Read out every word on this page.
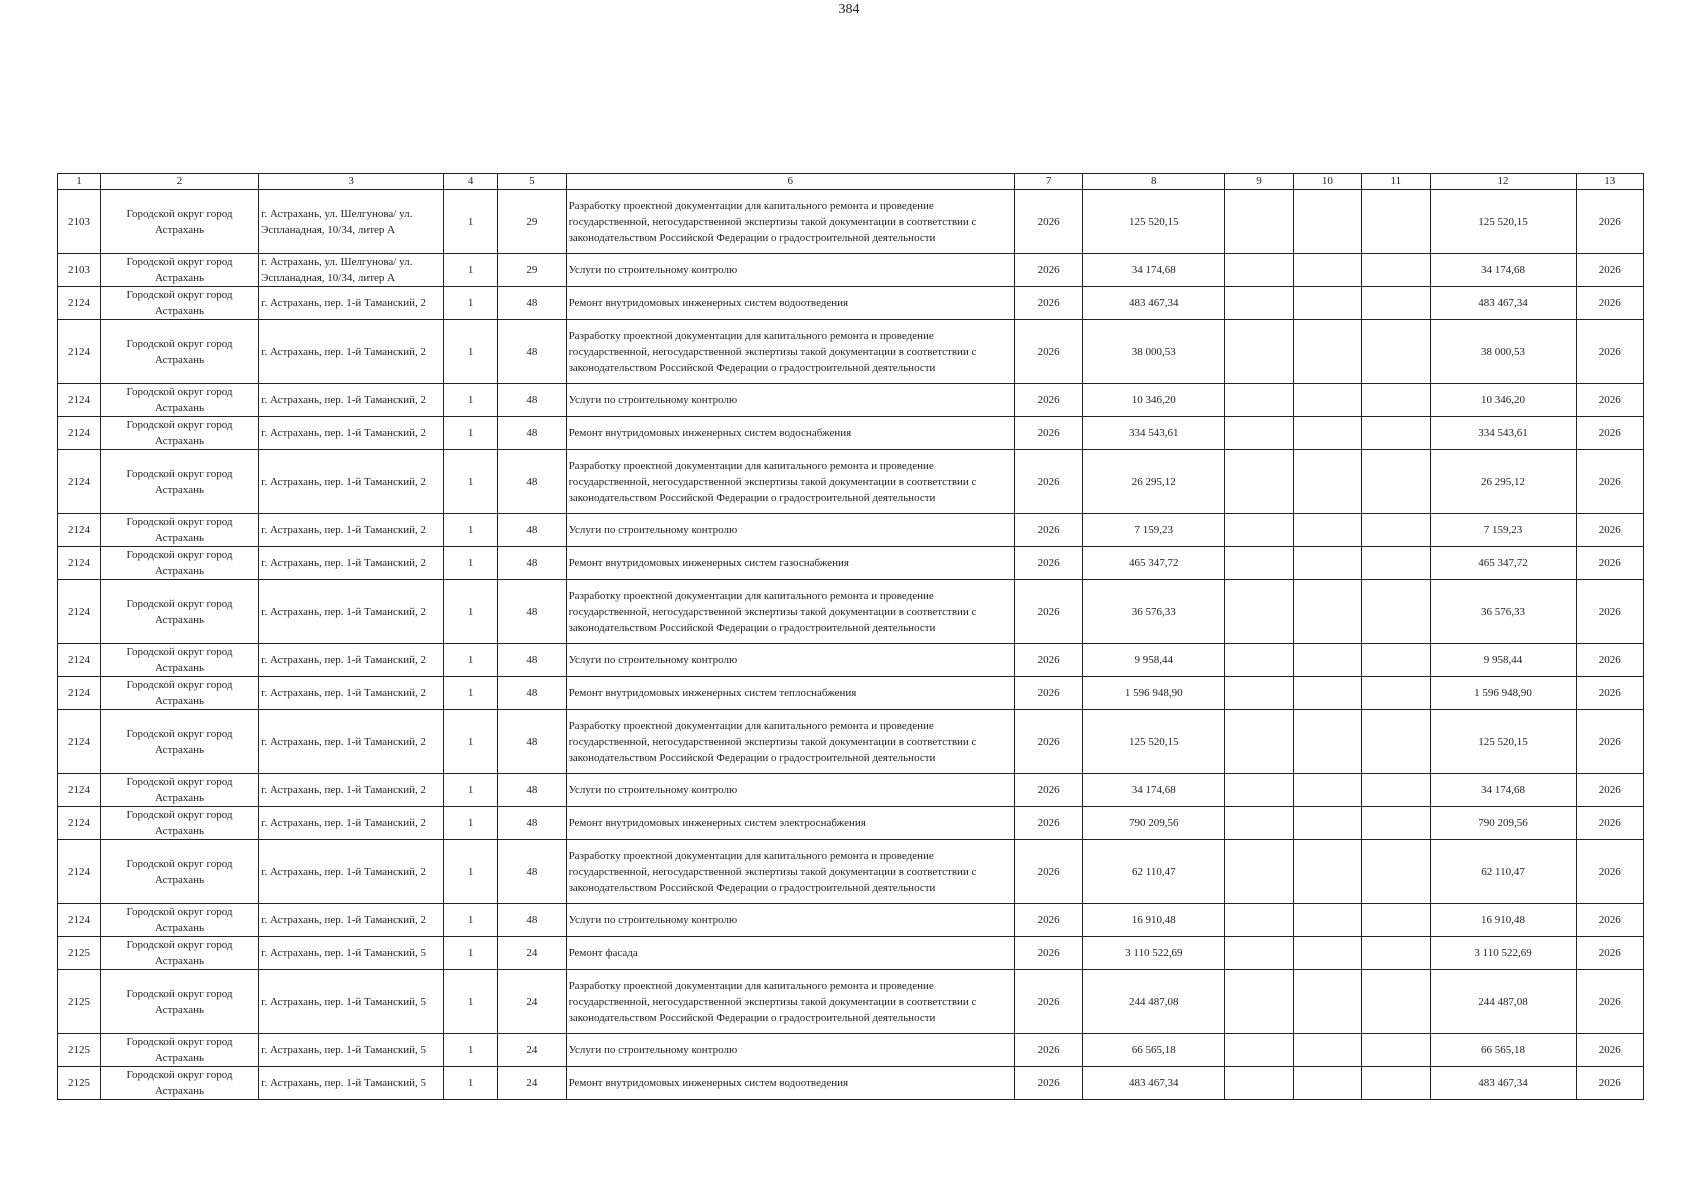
384
1	2	3	4	5	6	7	8	9	10	11	12	13
2103	Городской округ город Астрахань	г. Астрахань, ул. Шелгунова/ ул. Эспланадная, 10/34, литер А	1	29	Разработку проектной документации для капитального ремонта и проведение государственной, негосударственной экспертизы такой документации в соответствии с законодательством Российской Федерации о градостроительной деятельности	2026	125 520,15				125 520,15	2026
2103	Городской округ город Астрахань	г. Астрахань, ул. Шелгунова/ ул. Эспланадная, 10/34, литер А	1	29	Услуги по строительному контролю	2026	34 174,68				34 174,68	2026
2124	Городской округ город Астрахань	г. Астрахань, пер. 1-й Таманский, 2	1	48	Ремонт внутридомовых инженерных систем водоотведения	2026	483 467,34				483 467,34	2026
2124	Городской округ город Астрахань	г. Астрахань, пер. 1-й Таманский, 2	1	48	Разработку проектной документации для капитального ремонта и проведение государственной, негосударственной экспертизы такой документации в соответствии с законодательством Российской Федерации о градостроительной деятельности	2026	38 000,53				38 000,53	2026
2124	Городской округ город Астрахань	г. Астрахань, пер. 1-й Таманский, 2	1	48	Услуги по строительному контролю	2026	10 346,20				10 346,20	2026
2124	Городской округ город Астрахань	г. Астрахань, пер. 1-й Таманский, 2	1	48	Ремонт внутридомовых инженерных систем водоснабжения	2026	334 543,61				334 543,61	2026
2124	Городской округ город Астрахань	г. Астрахань, пер. 1-й Таманский, 2	1	48	Разработку проектной документации для капитального ремонта и проведение государственной, негосударственной экспертизы такой документации в соответствии с законодательством Российской Федерации о градостроительной деятельности	2026	26 295,12				26 295,12	2026
2124	Городской округ город Астрахань	г. Астрахань, пер. 1-й Таманский, 2	1	48	Услуги по строительному контролю	2026	7 159,23				7 159,23	2026
2124	Городской округ город Астрахань	г. Астрахань, пер. 1-й Таманский, 2	1	48	Ремонт внутридомовых инженерных систем газоснабжения	2026	465 347,72				465 347,72	2026
2124	Городской округ город Астрахань	г. Астрахань, пер. 1-й Таманский, 2	1	48	Разработку проектной документации для капитального ремонта и проведение государственной, негосударственной экспертизы такой документации в соответствии с законодательством Российской Федерации о градостроительной деятельности	2026	36 576,33				36 576,33	2026
2124	Городской округ город Астрахань	г. Астрахань, пер. 1-й Таманский, 2	1	48	Услуги по строительному контролю	2026	9 958,44				9 958,44	2026
2124	Городской округ город Астрахань	г. Астрахань, пер. 1-й Таманский, 2	1	48	Ремонт внутридомовых инженерных систем теплоснабжения	2026	1 596 948,90				1 596 948,90	2026
2124	Городской округ город Астрахань	г. Астрахань, пер. 1-й Таманский, 2	1	48	Разработку проектной документации для капитального ремонта и проведение государственной, негосударственной экспертизы такой документации в соответствии с законодательством Российской Федерации о градостроительной деятельности	2026	125 520,15				125 520,15	2026
2124	Городской округ город Астрахань	г. Астрахань, пер. 1-й Таманский, 2	1	48	Услуги по строительному контролю	2026	34 174,68				34 174,68	2026
2124	Городской округ город Астрахань	г. Астрахань, пер. 1-й Таманский, 2	1	48	Ремонт внутридомовых инженерных систем электроснабжения	2026	790 209,56				790 209,56	2026
2124	Городской округ город Астрахань	г. Астрахань, пер. 1-й Таманский, 2	1	48	Разработку проектной документации для капитального ремонта и проведение государственной, негосударственной экспертизы такой документации в соответствии с законодательством Российской Федерации о градостроительной деятельности	2026	62 110,47				62 110,47	2026
2124	Городской округ город Астрахань	г. Астрахань, пер. 1-й Таманский, 2	1	48	Услуги по строительному контролю	2026	16 910,48				16 910,48	2026
2125	Городской округ город Астрахань	г. Астрахань, пер. 1-й Таманский, 5	1	24	Ремонт фасада	2026	3 110 522,69				3 110 522,69	2026
2125	Городской округ город Астрахань	г. Астрахань, пер. 1-й Таманский, 5	1	24	Разработку проектной документации для капитального ремонта и проведение государственной, негосударственной экспертизы такой документации в соответствии с законодательством Российской Федерации о градостроительной деятельности	2026	244 487,08				244 487,08	2026
2125	Городской округ город Астрахань	г. Астрахань, пер. 1-й Таманский, 5	1	24	Услуги по строительному контролю	2026	66 565,18				66 565,18	2026
2125	Городской округ город Астрахань	г. Астрахань, пер. 1-й Таманский, 5	1	24	Ремонт внутридомовых инженерных систем водоотведения	2026	483 467,34				483 467,34	2026
